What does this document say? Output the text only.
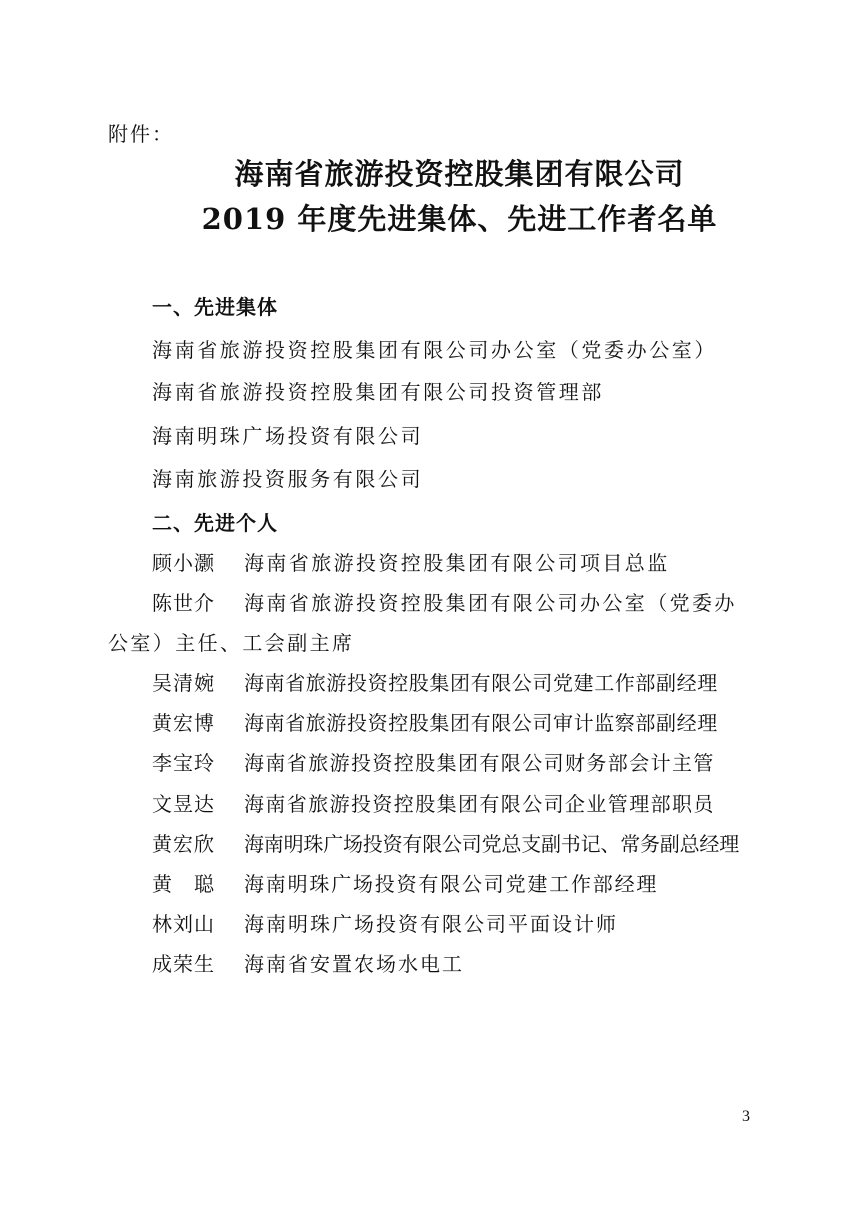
附件：
海南省旅游投资控股集团有限公司
2019 年度先进集体、先进工作者名单
一、先进集体
海南省旅游投资控股集团有限公司办公室（党委办公室）
海南省旅游投资控股集团有限公司投资管理部
海南明珠广场投资有限公司
海南旅游投资服务有限公司
二、先进个人
顾小灏	海南省旅游投资控股集团有限公司项目总监
陈世介	海南省旅游投资控股集团有限公司办公室（党委办
公室）主任、工会副主席
吴清婉	海南省旅游投资控股集团有限公司党建工作部副经理
黄宏博	海南省旅游投资控股集团有限公司审计监察部副经理
李宝玲	海南省旅游投资控股集团有限公司财务部会计主管
文昱达	海南省旅游投资控股集团有限公司企业管理部职员
黄宏欣	海南明珠广场投资有限公司党总支副书记、常务副总经理
黄 聪 海南明珠广场投资有限公司党建工作部经理
林刘山	海南明珠广场投资有限公司平面设计师
成荣生	海南省安置农场水电工
3
